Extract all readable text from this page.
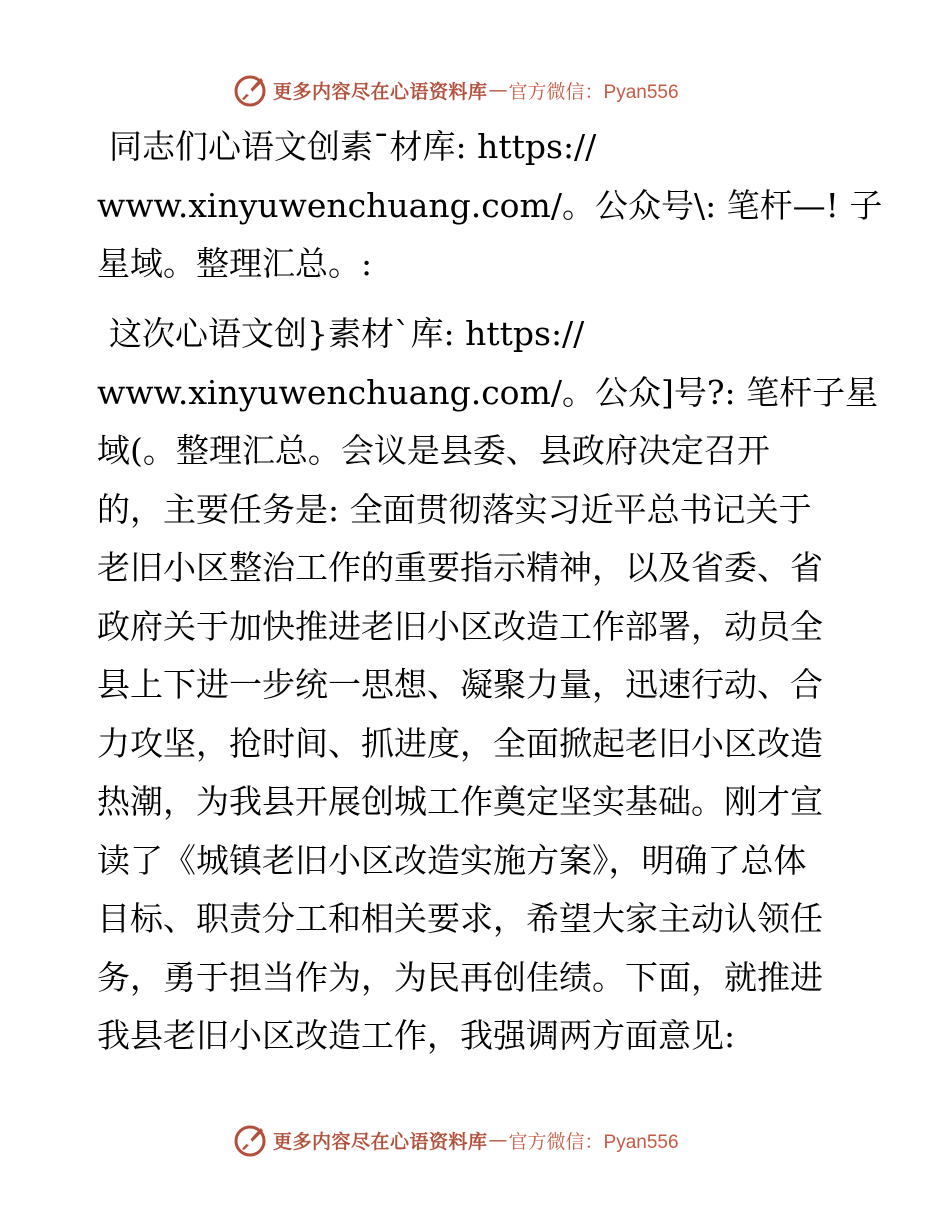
更多内容尽在心语资料库 — 官方微信：Pyan556

同志们心语文创素¯材库: https://
www.xinyuwenchuang.com/。公众号\: 笔杆—! 子
星域。整理汇总。:

这次心语文创}素材`库: https://
www.xinyuwenchuang.com/。公众]号?: 笔杆子星
域(。整理汇总。会议是县委、县政府决定召开
的，主要任务是: 全面贯彻落实习近平总书记关于
老旧小区整治工作的重要指示精神，以及省委、省
政府关于加快推进老旧小区改造工作部署，动员全
县上下进一步统一思想、凝聚力量，迅速行动、合
力攻坚，抢时间、抓进度，全面掀起老旧小区改造
热潮，为我县开展创城工作奠定坚实基础。刚才宣
读了《城镇老旧小区改造实施方案》，明确了总体
目标、职责分工和相关要求，希望大家主动认领任
务，勇于担当作为，为民再创佳绩。下面，就推进
我县老旧小区改造工作，我强调两方面意见:

更多内容尽在心语资料库 — 官方微信：Pyan556
